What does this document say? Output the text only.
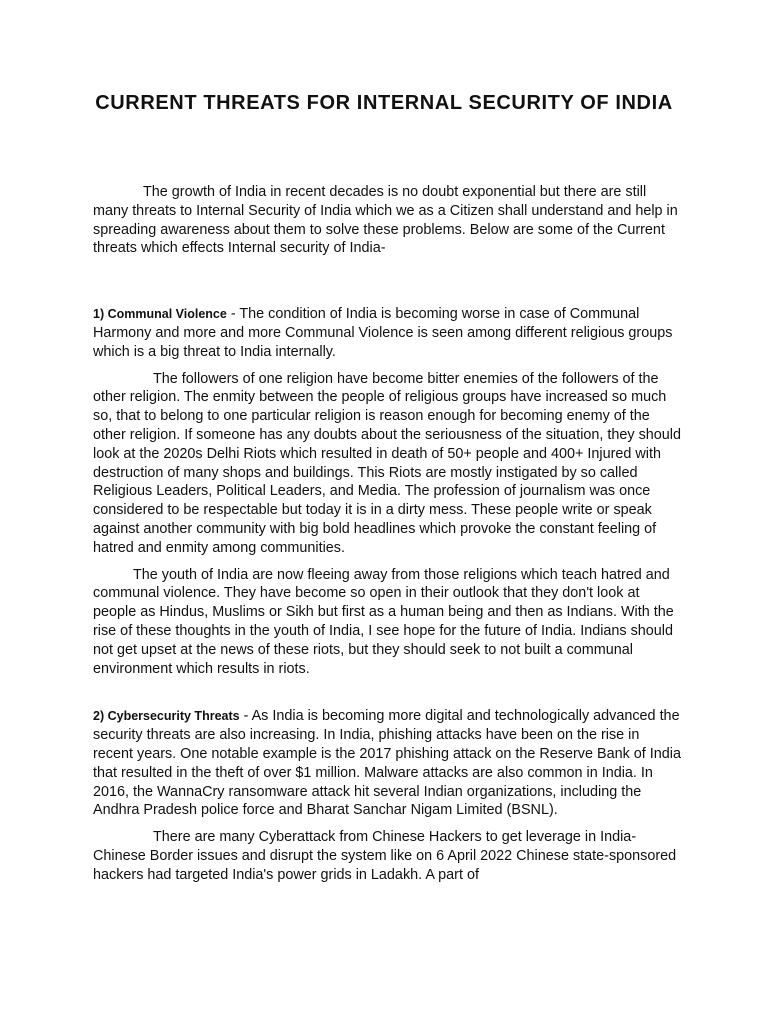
CURRENT THREATS FOR INTERNAL SECURITY OF INDIA

The growth of India in recent decades is no doubt exponential but there are still many threats to Internal Security of India which we as a Citizen shall understand and help in spreading awareness about them to solve these problems. Below are some of the Current threats which effects Internal security of India-

1) Communal Violence - The condition of India is becoming worse in case of Communal Harmony and more and more Communal Violence is seen among different religious groups which is a big threat to India internally.

The followers of one religion have become bitter enemies of the followers of the other religion. The enmity between the people of religious groups have increased so much so, that to belong to one particular religion is reason enough for becoming enemy of the other religion. If someone has any doubts about the seriousness of the situation, they should look at the 2020s Delhi Riots which resulted in death of 50+ people and 400+ Injured with destruction of many shops and buildings. This Riots are mostly instigated by so called Religious Leaders, Political Leaders, and Media. The profession of journalism was once considered to be respectable but today it is in a dirty mess. These people write or speak against another community with big bold headlines which provoke the constant feeling of hatred and enmity among communities.

The youth of India are now fleeing away from those religions which teach hatred and communal violence. They have become so open in their outlook that they don't look at people as Hindus, Muslims or Sikh but first as a human being and then as Indians. With the rise of these thoughts in the youth of India, I see hope for the future of India. Indians should not get upset at the news of these riots, but they should seek to not built a communal environment which results in riots.

2) Cybersecurity Threats - As India is becoming more digital and technologically advanced the security threats are also increasing. In India, phishing attacks have been on the rise in recent years. One notable example is the 2017 phishing attack on the Reserve Bank of India that resulted in the theft of over $1 million. Malware attacks are also common in India. In 2016, the WannaCry ransomware attack hit several Indian organizations, including the Andhra Pradesh police force and Bharat Sanchar Nigam Limited (BSNL).

There are many Cyberattack from Chinese Hackers to get leverage in India-Chinese Border issues and disrupt the system like on 6 April 2022 Chinese state-sponsored hackers had targeted India's power grids in Ladakh. A part of
